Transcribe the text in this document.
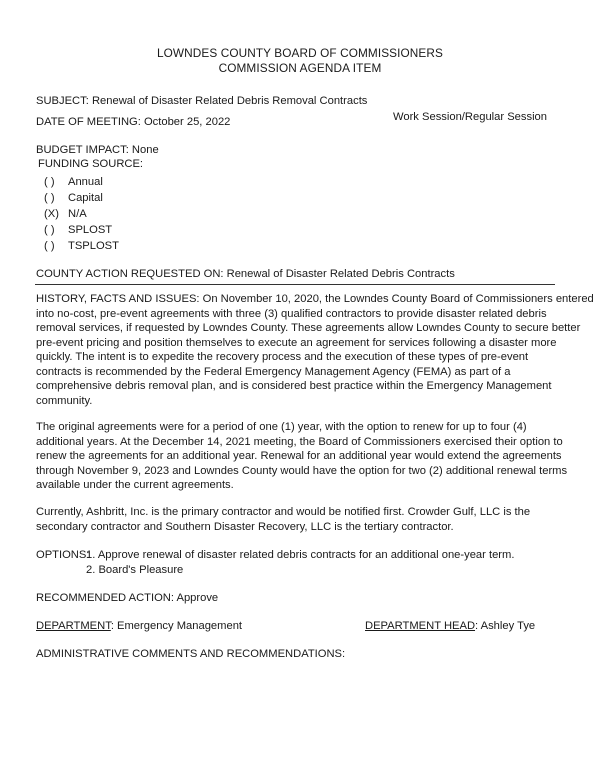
LOWNDES COUNTY BOARD OF COMMISSIONERS
COMMISSION AGENDA ITEM
SUBJECT: Renewal of Disaster Related Debris Removal Contracts
DATE OF MEETING: October 25, 2022	Work Session/Regular Session
BUDGET IMPACT: None
FUNDING SOURCE:
( ) Annual
( ) Capital
(X) N/A
( ) SPLOST
( ) TSPLOST
COUNTY ACTION REQUESTED ON: Renewal of Disaster Related Debris Contracts
HISTORY, FACTS AND ISSUES: On November 10, 2020, the Lowndes County Board of Commissioners entered
into no-cost, pre-event agreements with three (3) qualified contractors to provide disaster related debris
removal services, if requested by Lowndes County. These agreements allow Lowndes County to secure better
pre-event pricing and position themselves to execute an agreement for services following a disaster more
quickly. The intent is to expedite the recovery process and the execution of these types of pre-event
contracts is recommended by the Federal Emergency Management Agency (FEMA) as part of a
comprehensive debris removal plan, and is considered best practice within the Emergency Management
community.
The original agreements were for a period of one (1) year, with the option to renew for up to four (4)
additional years. At the December 14, 2021 meeting, the Board of Commissioners exercised their option to
renew the agreements for an additional year. Renewal for an additional year would extend the agreements
through November 9, 2023 and Lowndes County would have the option for two (2) additional renewal terms
available under the current agreements.
Currently, Ashbritt, Inc. is the primary contractor and would be notified first. Crowder Gulf, LLC is the
secondary contractor and Southern Disaster Recovery, LLC is the tertiary contractor.
OPTIONS:
1. Approve renewal of disaster related debris contracts for an additional one-year term.
2. Board's Pleasure
RECOMMENDED ACTION: Approve
DEPARTMENT: Emergency Management	DEPARTMENT HEAD: Ashley Tye
ADMINISTRATIVE COMMENTS AND RECOMMENDATIONS:
